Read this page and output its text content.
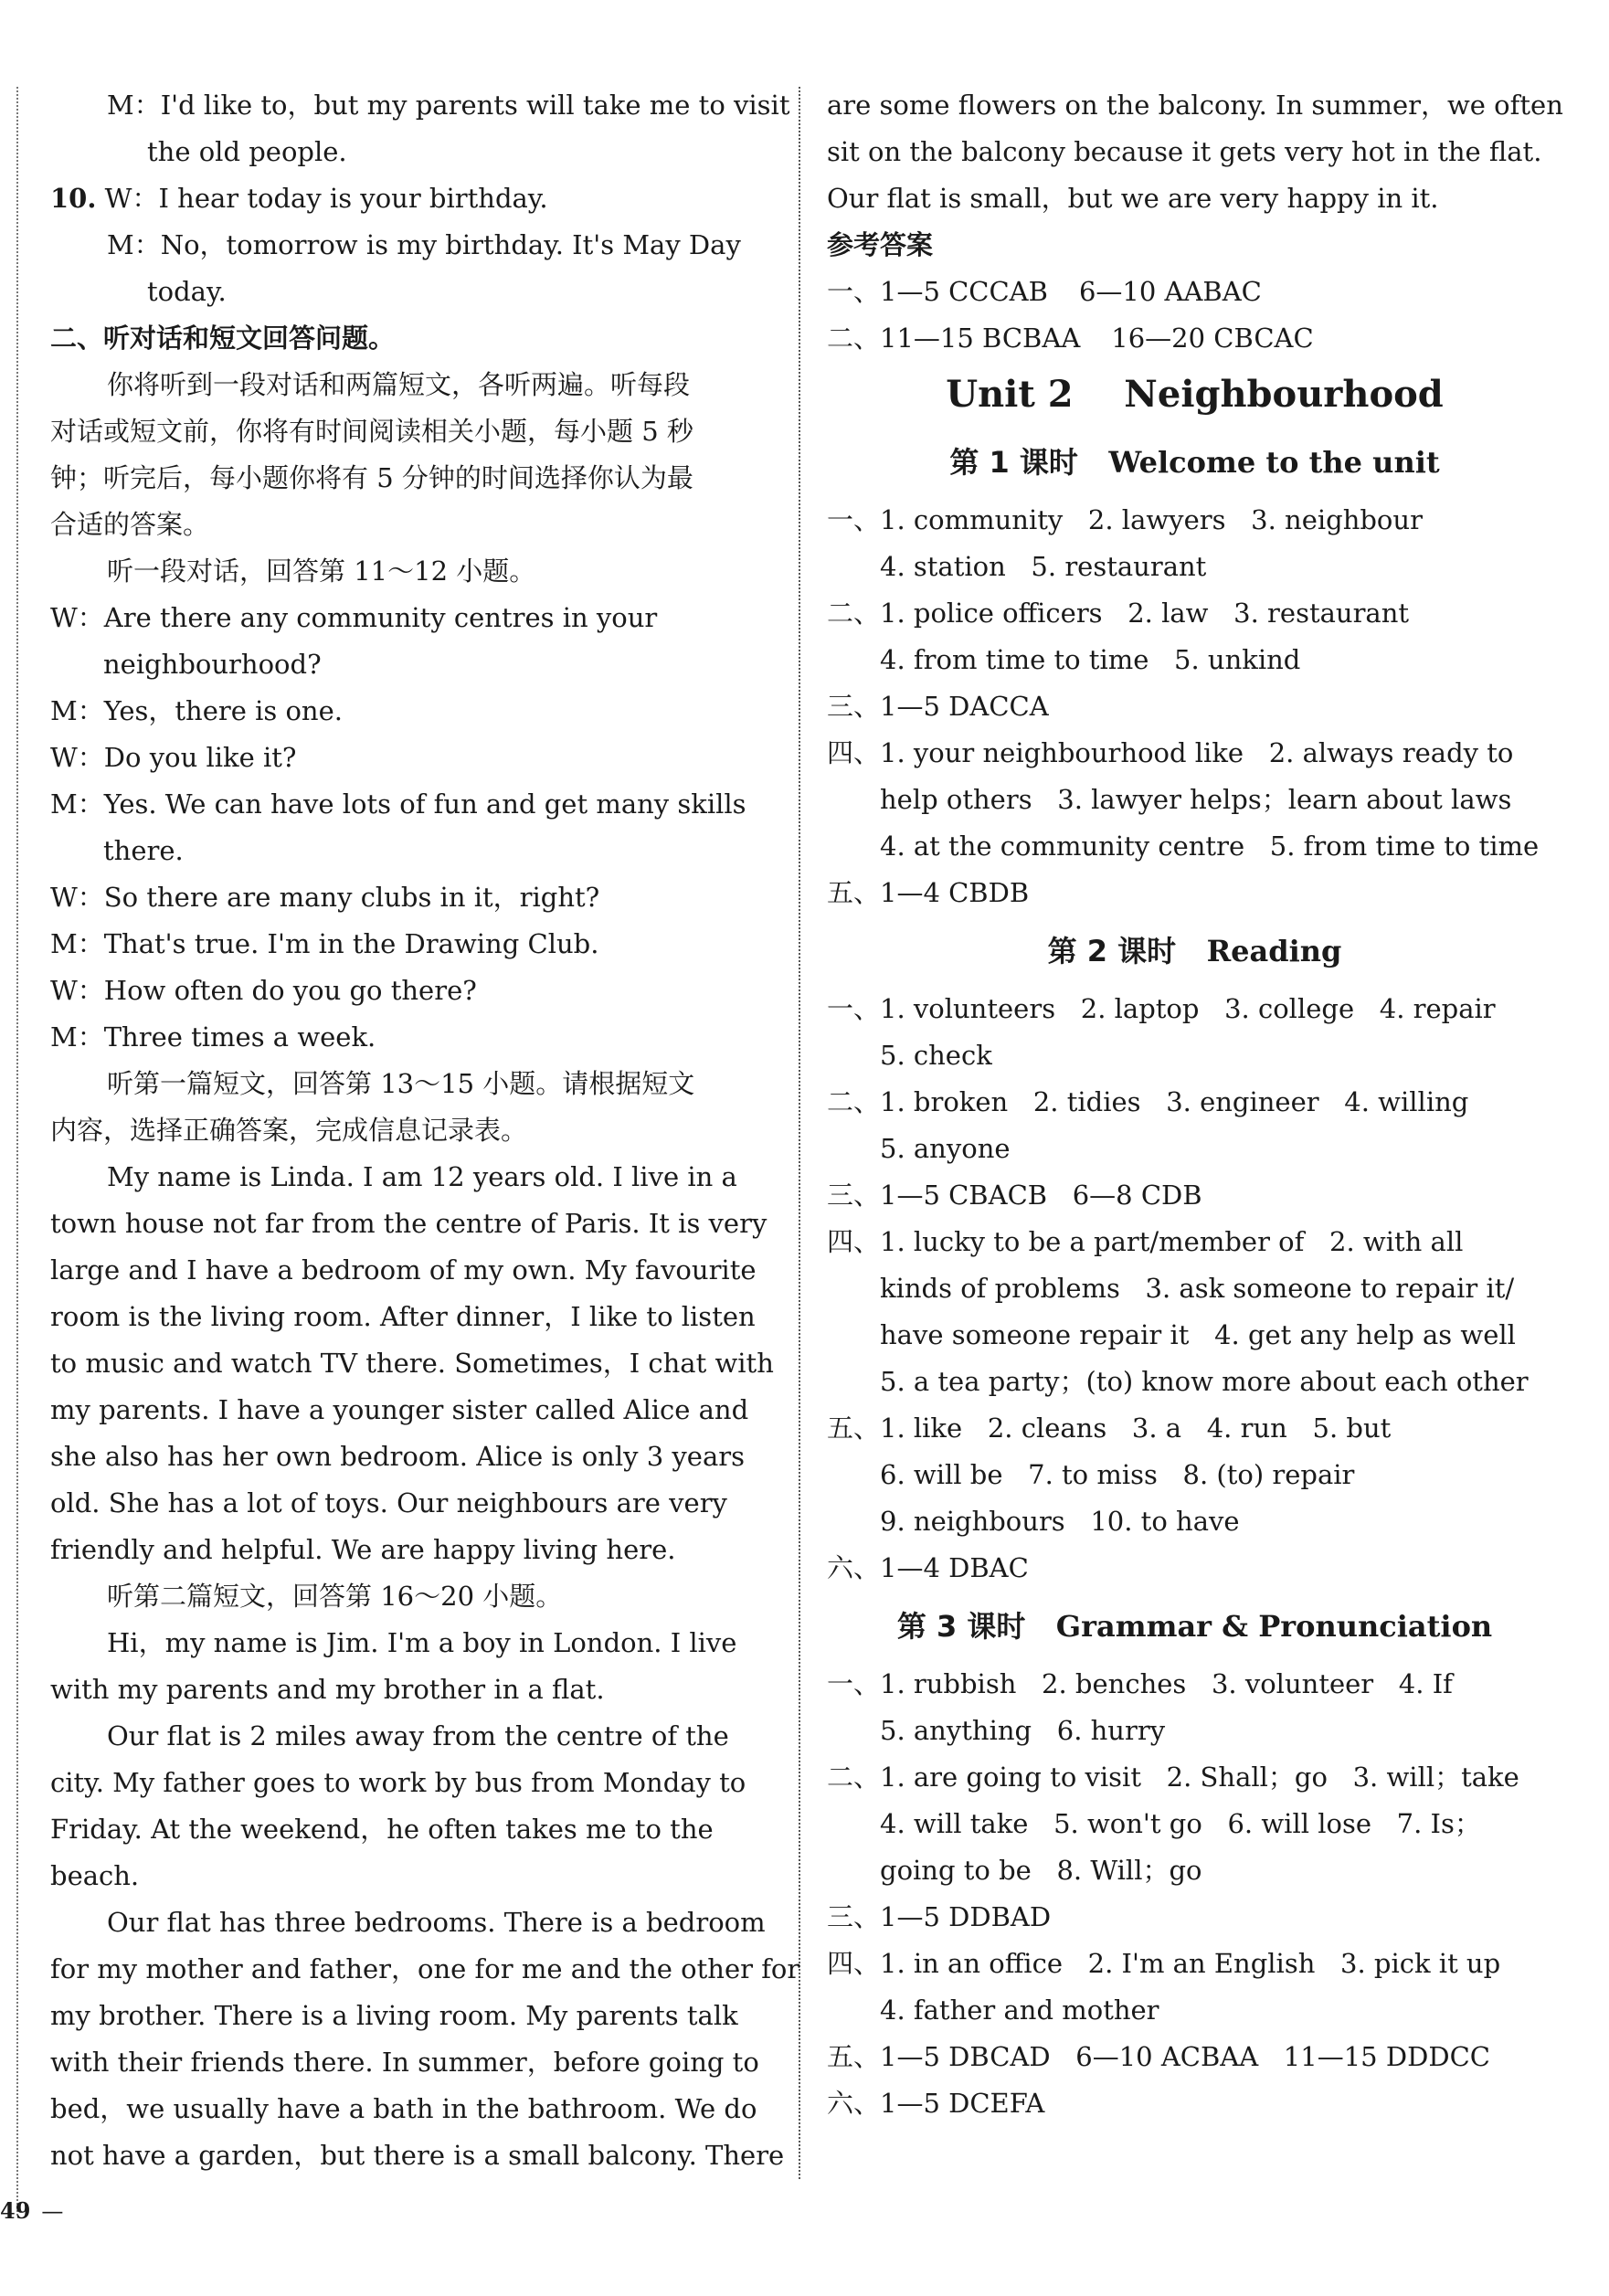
M：I'd like to，but my parents will take me to visit
the old people.
10. W：I hear today is your birthday.
M：No，tomorrow is my birthday. It's May Day
today.
二、听对话和短文回答问题。
你将听到一段对话和两篇短文，各听两遍。听每段
对话或短文前，你将有时间阅读相关小题，每小题 5 秒
钟；听完后，每小题你将有 5 分钟的时间选择你认为最
合适的答案。
听一段对话，回答第 11～12 小题。
W：Are there any community centres in your
neighbourhood?
M：Yes，there is one.
W：Do you like it?
M：Yes. We can have lots of fun and get many skills
there.
W：So there are many clubs in it，right?
M：That's true. I'm in the Drawing Club.
W：How often do you go there?
M：Three times a week.
听第一篇短文，回答第 13～15 小题。请根据短文
内容，选择正确答案，完成信息记录表。
My name is Linda. I am 12 years old. I live in a
town house not far from the centre of Paris. It is very
large and I have a bedroom of my own. My favourite
room is the living room. After dinner，I like to listen
to music and watch TV there. Sometimes，I chat with
my parents. I have a younger sister called Alice and
she also has her own bedroom. Alice is only 3 years
old. She has a lot of toys. Our neighbours are very
friendly and helpful. We are happy living here.
听第二篇短文，回答第 16～20 小题。
Hi，my name is Jim. I'm a boy in London. I live
with my parents and my brother in a flat.
Our flat is 2 miles away from the centre of the
city. My father goes to work by bus from Monday to
Friday. At the weekend，he often takes me to the
beach.
Our flat has three bedrooms. There is a bedroom
for my mother and father，one for me and the other for
my brother. There is a living room. My parents talk
with their friends there. In summer，before going to
bed，we usually have a bath in the bathroom. We do
not have a garden，but there is a small balcony. There
are some flowers on the balcony. In summer，we often
sit on the balcony because it gets very hot in the flat.
Our flat is small，but we are very happy in it.
参考答案
一、1—5 CCCAB 6—10 AABAC
二、11—15 BCBAA 16—20 CBCAC
Unit 2    Neighbourhood
第 1 课时 Welcome to the unit
一、1. community   2. lawyers   3. neighbour
4. station   5. restaurant
二、1. police officers   2. law   3. restaurant
4. from time to time   5. unkind
三、1—5 DACCA
四、1. your neighbourhood like   2. always ready to
help others   3. lawyer helps；learn about laws
4. at the community centre   5. from time to time
五、1—4 CBDB
第 2 课时 Reading
一、1. volunteers   2. laptop   3. college   4. repair
5. check
二、1. broken   2. tidies   3. engineer   4. willing
5. anyone
三、1—5 CBACB   6—8 CDB
四、1. lucky to be a part/member of   2. with all
kinds of problems   3. ask someone to repair it/
have someone repair it   4. get any help as well
5. a tea party；(to) know more about each other
五、1. like   2. cleans   3. a   4. run   5. but
6. will be   7. to miss   8. (to) repair
9. neighbours   10. to have
六、1—4 DBAC
第 3 课时 Grammar & Pronunciation
一、1. rubbish   2. benches   3. volunteer   4. If
5. anything   6. hurry
二、1. are going to visit   2. Shall；go   3. will；take
4. will take   5. won't go   6. will lose   7. Is；
going to be   8. Will；go
三、1—5 DDBAD
四、1. in an office   2. I'm an English   3. pick it up
4. father and mother
五、1—5 DBCAD   6—10 ACBAA   11—15 DDDCC
六、1—5 DCEFA
49 —
